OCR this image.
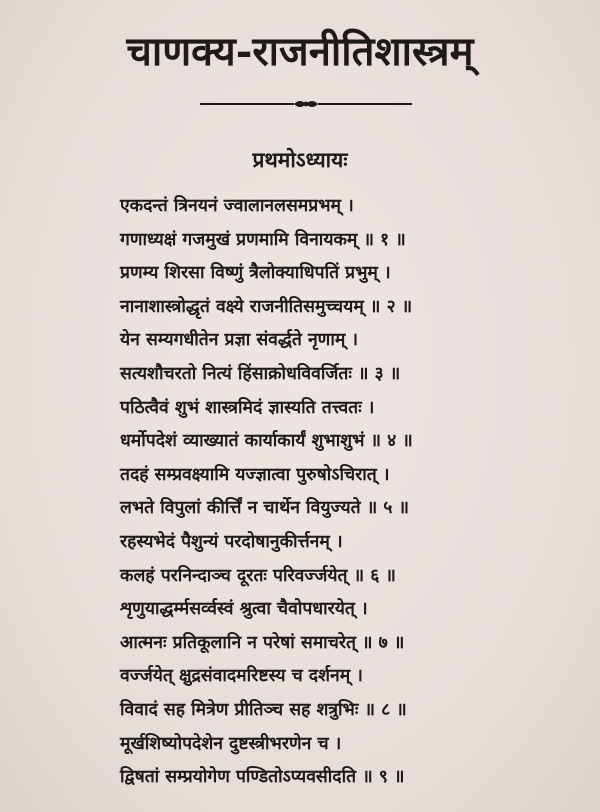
चाणक्य-राजनीतिशास्त्रम्
प्रथमोऽध्यायः
एकदन्तं त्रिनयनं ज्वालानलसमप्रभम् ।
गणाध्यक्षं गजमुखं प्रणमामि विनायकम् ॥ १ ॥
प्रणम्य शिरसा विष्णुं त्रैलोक्याधिपतिं प्रभुम् ।
नानाशास्त्रोद्धृतं वक्ष्ये राजनीतिसमुच्चयम् ॥ २ ॥
येन सम्यगधीतेन प्रज्ञा संवर्द्धते नृणाम् ।
सत्यशौचरतो नित्यं हिंसाक्रोधविवर्जितः ॥ ३ ॥
पठित्वैवं शुभं शास्त्रमिदं ज्ञास्यति तत्त्वतः ।
धर्मोपदेशं व्याख्यातं कार्याकार्यं शुभाशुभं ॥ ४ ॥
तदहं सम्प्रवक्ष्यामि यज्ज्ञात्वा पुरुषोऽचिरात् ।
लभते विपुलां कीर्त्तिं न चार्थेन वियुज्यते ॥ ५ ॥
रहस्यभेदं पैशुन्यं परदोषानुकीर्त्तनम् ।
कलहं परनिन्दाञ्च दूरतः परिवर्ज्जयेत् ॥ ६ ॥
शृणुयाद्धर्म्मसर्व्वस्वं श्रुत्वा चैवोपधारयेत् ।
आत्मनः प्रतिकूलानि न परेषां समाचरेत् ॥ ७ ॥
वर्ज्जयेत् क्षुद्रसंवादमरिष्टस्य च दर्शनम् ।
विवादं सह मित्रेण प्रीतिञ्च सह शत्रुभिः ॥ ८ ॥
मूर्खशिष्योपदेशेन दुष्टस्त्रीभरणेन च ।
द्विषतां सम्प्रयोगेण पण्डितोऽप्यवसीदति ॥ ९ ॥
